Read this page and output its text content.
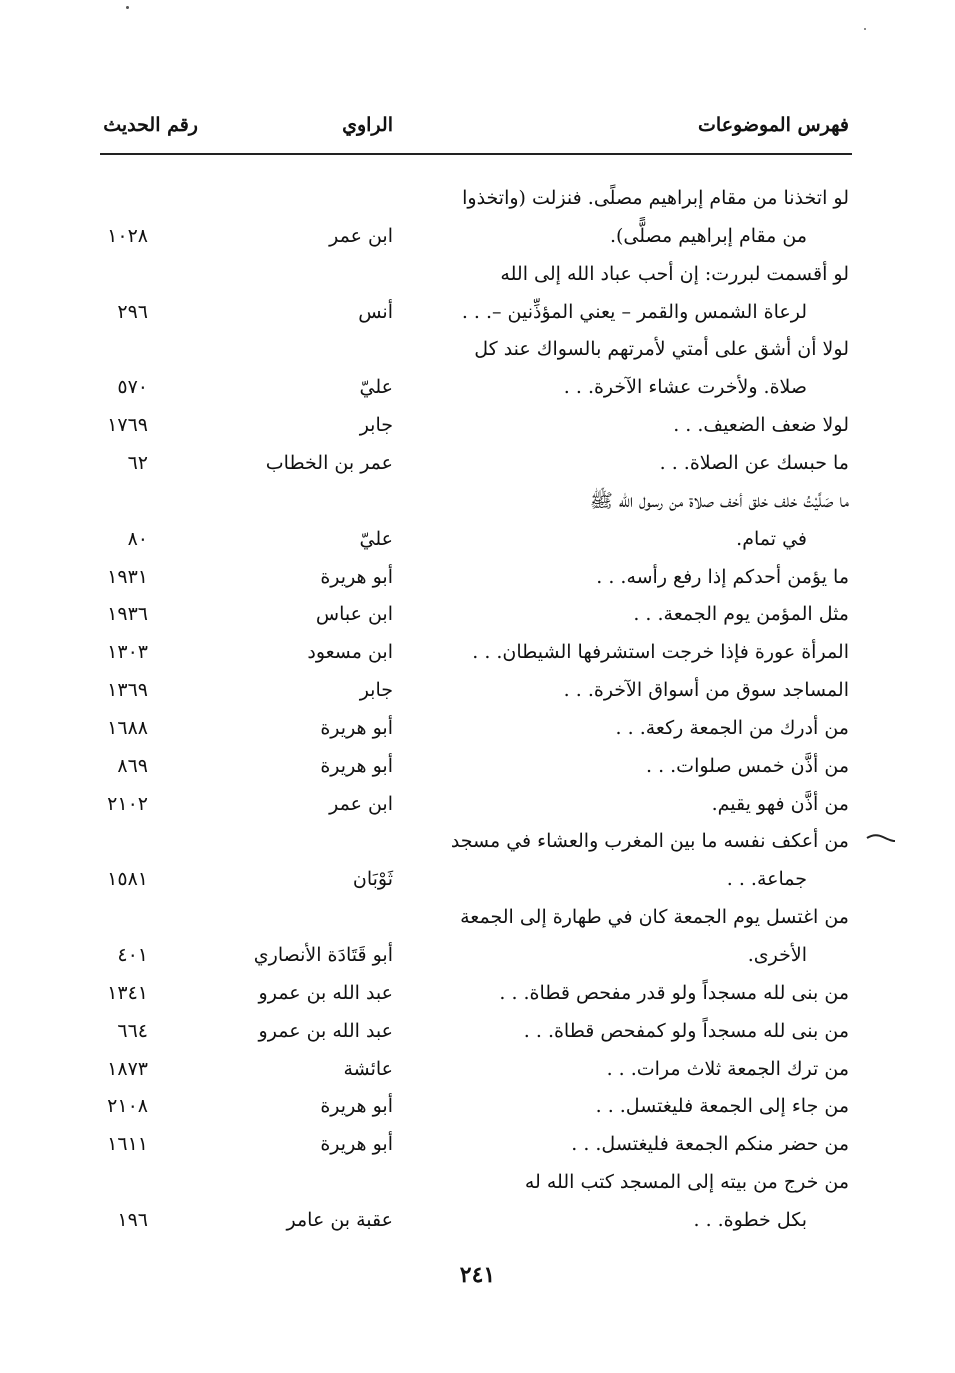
فهرس الموضوعات
الراوي
رقم الحديث
لو اتخذنا من مقام إبراهيم مصلًى. فنزلت (واتخذوا
من مقام إبراهيم مصلًّى).
ابن عمر
١٠٢٨
لو أقسمت لبررت: إن أحب عباد الله إلى الله
لرعاة الشمس والقمر – يعني المؤذِّنين –. . .
أنس
٢٩٦
لولا أن أشق على أمتي لأمرتهم بالسواك عند كل
صلاة. ولأخرت عشاء الآخرة. . .
عليّ
٥٧٠
لولا ضعف الضعيف. . .
جابر
١٧٦٩
ما حبسك عن الصلاة. . .
عمر بن الخطاب
٦٢
ما صَلَّيْتُ خلف خلق أخف صلاة من رسول الله ﷺ
في تمام.
عليّ
٨٠
ما يؤمن أحدكم إذا رفع رأسه. . .
أبو هريرة
١٩٣١
مثل المؤمن يوم الجمعة. . .
ابن عباس
١٩٣٦
المرأة عورة فإذا خرجت استشرفها الشيطان. . .
ابن مسعود
١٣٠٣
المساجد سوق من أسواق الآخرة. . .
جابر
١٣٦٩
من أدرك من الجمعة ركعة. . .
أبو هريرة
١٦٨٨
من أذَّن خمس صلوات. . .
أبو هريرة
٨٦٩
من أذَّن فهو يقيم.
ابن عمر
٢١٠٢
من أعكف نفسه ما بين المغرب والعشاء في مسجد
جماعة. . .
ثَوْبَان
١٥٨١
من اغتسل يوم الجمعة كان في طهارة إلى الجمعة
الأخرى.
أبو قَتَادَة الأنصاري
٤٠١
من بنى لله مسجداً ولو قدر مفحص قطاة. . .
عبد الله بن عمرو
١٣٤١
من بنى لله مسجداً ولو كمفحص قطاة. . .
عبد الله بن عمرو
٦٦٤
من ترك الجمعة ثلاث مرات. . .
عائشة
١٨٧٣
من جاء إلى الجمعة فليغتسل. . .
أبو هريرة
٢١٠٨
من حضر منكم الجمعة فليغتسل. . .
أبو هريرة
١٦١١
من خرج من بيته إلى المسجد كتب الله له
بكل خطوة. . .
عقبة بن عامر
١٩٦
٢٤١
